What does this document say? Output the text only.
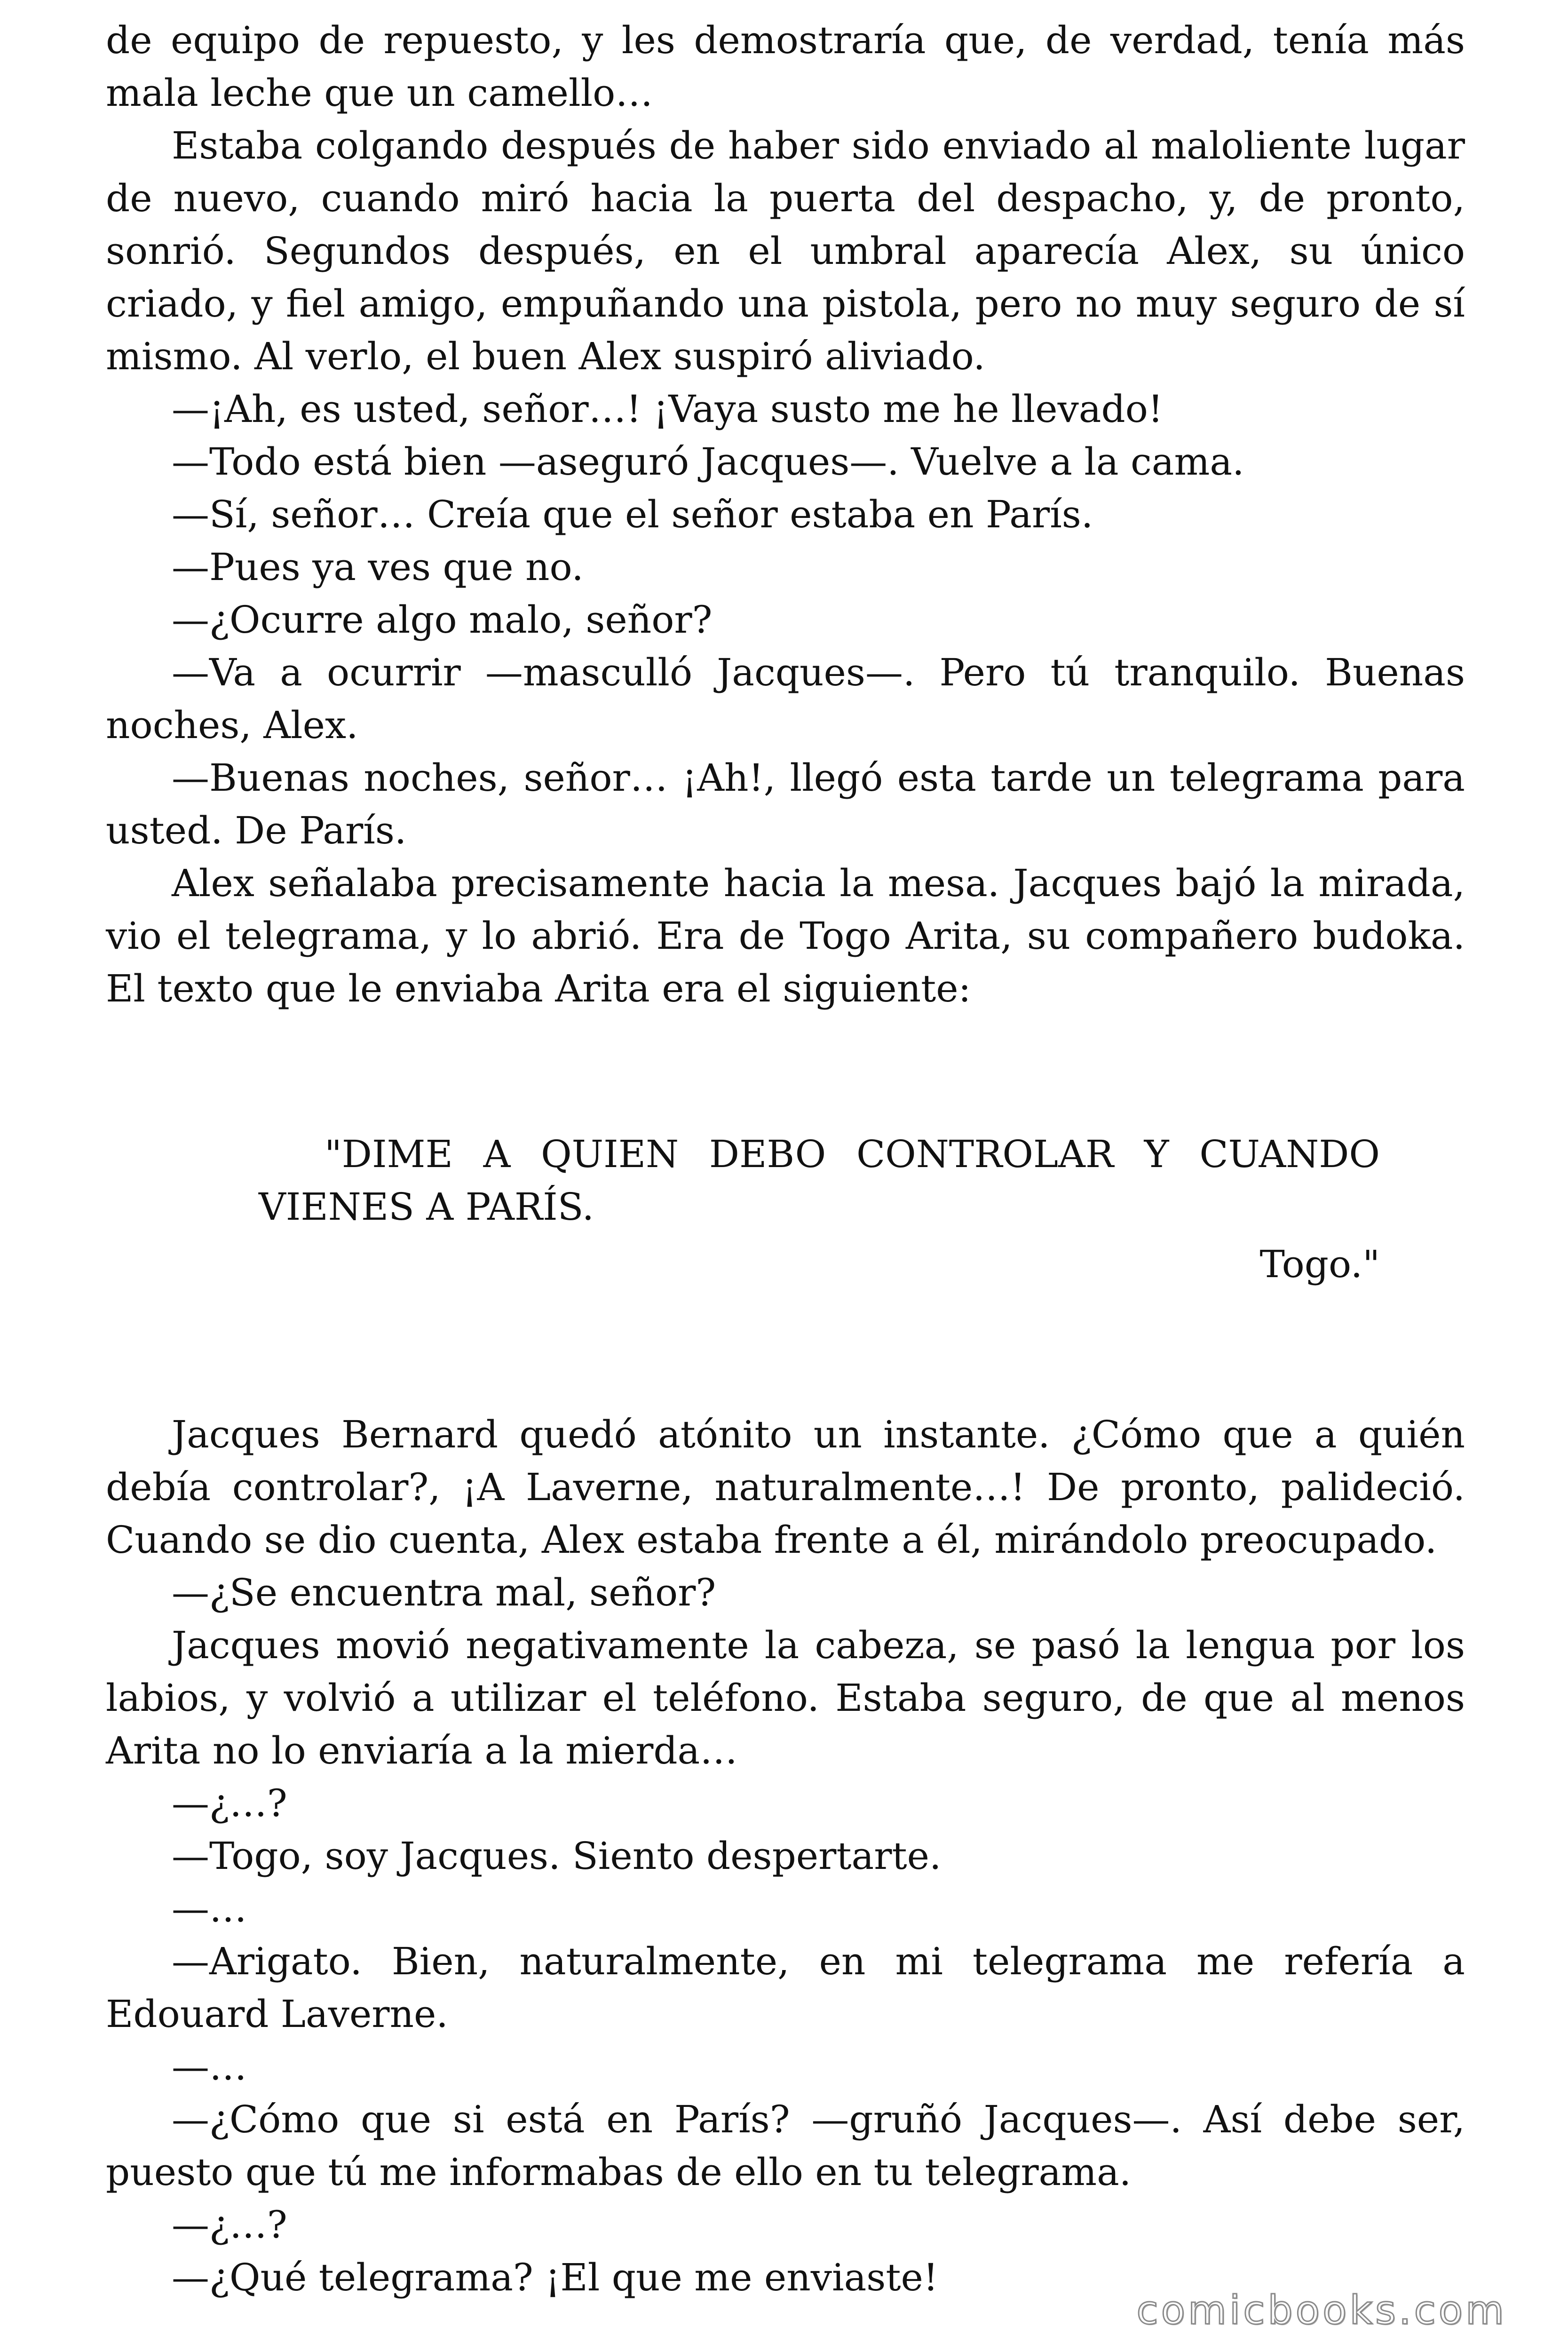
de equipo de repuesto, y les demostraría que, de verdad, tenía más mala leche que un camello…

Estaba colgando después de haber sido enviado al maloliente lugar de nuevo, cuando miró hacia la puerta del despacho, y, de pronto, sonrió. Segundos después, en el umbral aparecía Alex, su único criado, y fiel amigo, empuñando una pistola, pero no muy seguro de sí mismo. Al verlo, el buen Alex suspiró aliviado.

—¡Ah, es usted, señor…! ¡Vaya susto me he llevado!

—Todo está bien —aseguró Jacques—. Vuelve a la cama.

—Sí, señor… Creía que el señor estaba en París.

—Pues ya ves que no.

—¿Ocurre algo malo, señor?

—Va a ocurrir —masculló Jacques—. Pero tú tranquilo. Buenas noches, Alex.

—Buenas noches, señor… ¡Ah!, llegó esta tarde un telegrama para usted. De París.

Alex señalaba precisamente hacia la mesa. Jacques bajó la mirada, vio el telegrama, y lo abrió. Era de Togo Arita, su compañero budoka. El texto que le enviaba Arita era el siguiente:

"DIME A QUIEN DEBO CONTROLAR Y CUANDO VIENES A PARÍS.

Togo."

Jacques Bernard quedó atónito un instante. ¿Cómo que a quién debía controlar?, ¡A Laverne, naturalmente…! De pronto, palideció. Cuando se dio cuenta, Alex estaba frente a él, mirándolo preocupado.

—¿Se encuentra mal, señor?

Jacques movió negativamente la cabeza, se pasó la lengua por los labios, y volvió a utilizar el teléfono. Estaba seguro, de que al menos Arita no lo enviaría a la mierda…

—¿…?

—Togo, soy Jacques. Siento despertarte.

—…

—Arigato. Bien, naturalmente, en mi telegrama me refería a Edouard Laverne.

—…

—¿Cómo que si está en París? —gruñó Jacques—. Así debe ser, puesto que tú me informabas de ello en tu telegrama.

—¿…?

—¿Qué telegrama? ¡El que me enviaste!

comicbooks.com
